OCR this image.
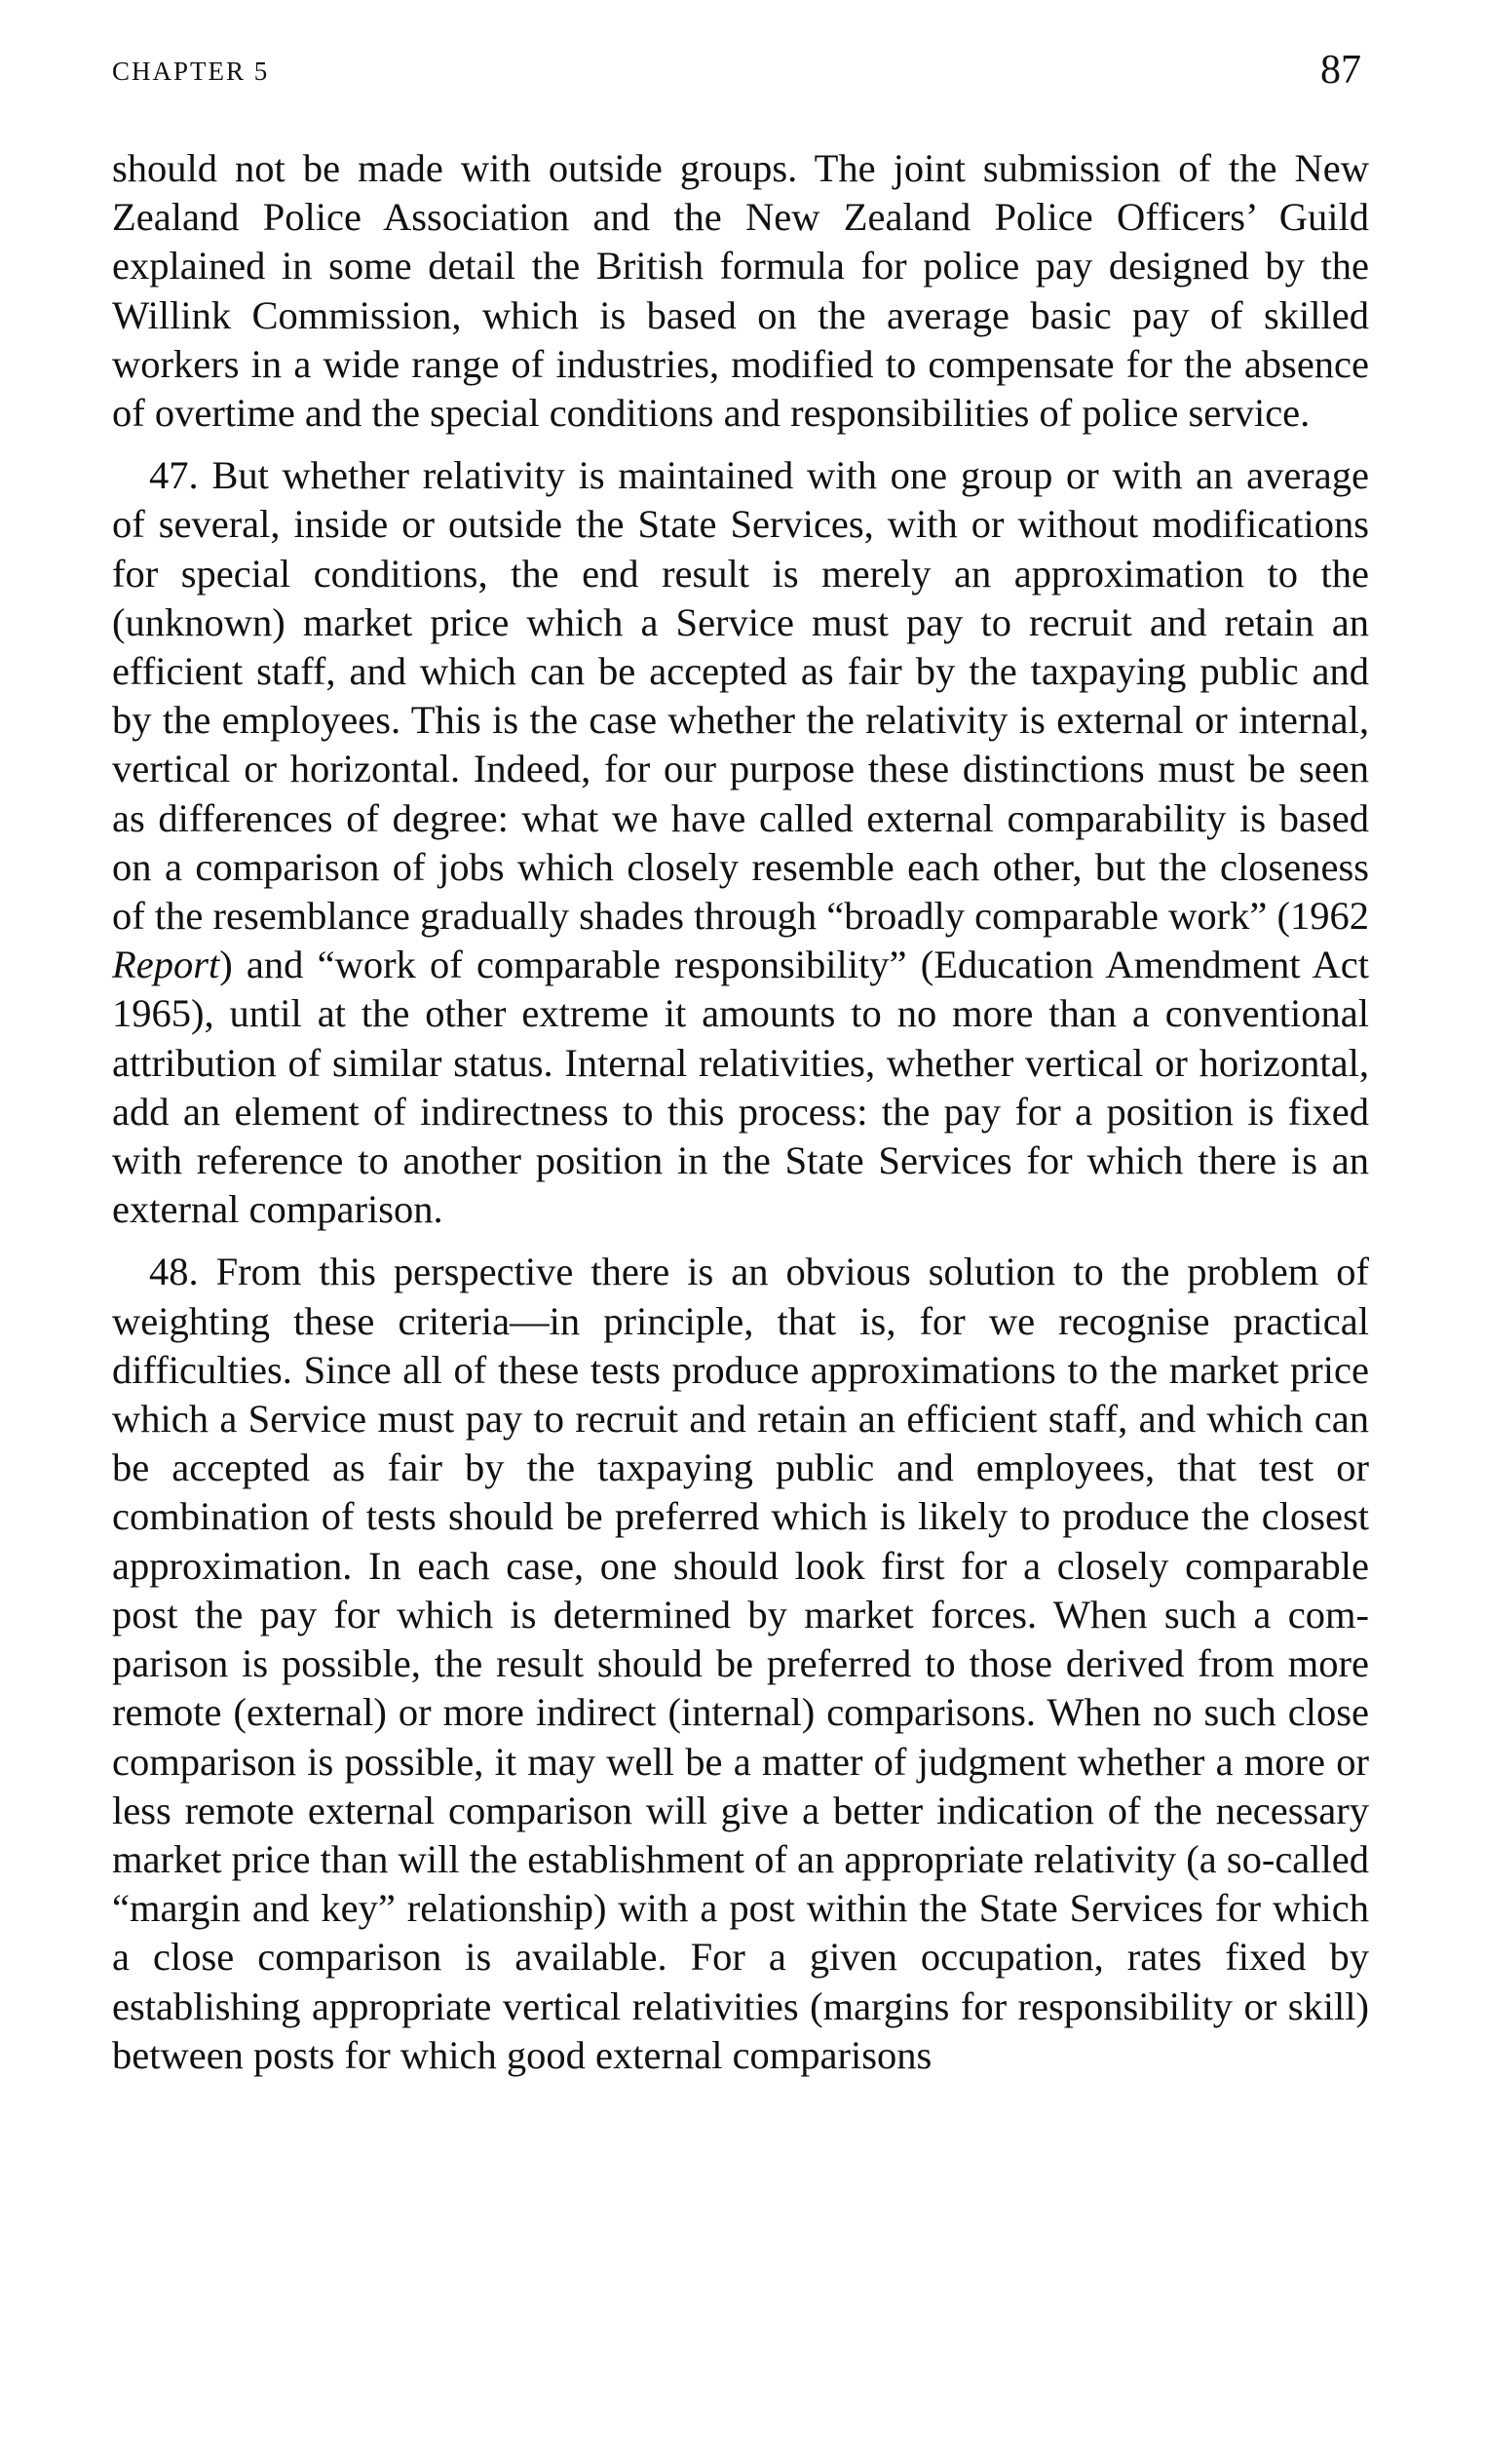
CHAPTER 5	87

should not be made with outside groups. The joint submission of the New Zealand Police Association and the New Zealand Police Officers’ Guild explained in some detail the British formula for police pay designed by the Willink Commission, which is based on the average basic pay of skilled workers in a wide range of industries, modified to compensate for the absence of overtime and the special conditions and responsibilities of police service.

47. But whether relativity is maintained with one group or with an average of several, inside or outside the State Services, with or without modifications for special conditions, the end result is merely an approximation to the (unknown) market price which a Service must pay to recruit and retain an efficient staff, and which can be accepted as fair by the taxpaying public and by the employees. This is the case whether the relativity is external or internal, vertical or horizontal. Indeed, for our purpose these distinctions must be seen as differences of degree: what we have called external comparability is based on a comparison of jobs which closely resemble each other, but the closeness of the resemblance gradually shades through “broadly comparable work” (1962 Report) and “work of comparable responsibility” (Education Amendment Act 1965), until at the other extreme it amounts to no more than a conventional attribution of similar status. Internal relativities, whether vertical or horizontal, add an element of indirectness to this process: the pay for a position is fixed with reference to another position in the State Services for which there is an external comparison.

48. From this perspective there is an obvious solution to the problem of weighting these criteria—in principle, that is, for we recognise practical difficulties. Since all of these tests produce approximations to the market price which a Service must pay to recruit and retain an efficient staff, and which can be accepted as fair by the taxpaying public and employees, that test or combination of tests should be preferred which is likely to produce the closest approximation. In each case, one should look first for a closely comparable post the pay for which is determined by market forces. When such a comparison is possible, the result should be preferred to those derived from more remote (external) or more indirect (internal) comparisons. When no such close comparison is possible, it may well be a matter of judgment whether a more or less remote external comparison will give a better indication of the necessary market price than will the establishment of an appropriate relativity (a so-called “margin and key” relationship) with a post within the State Services for which a close comparison is available. For a given occupation, rates fixed by establishing appropriate vertical relativities (margins for responsibility or skill) between posts for which good external comparisons
